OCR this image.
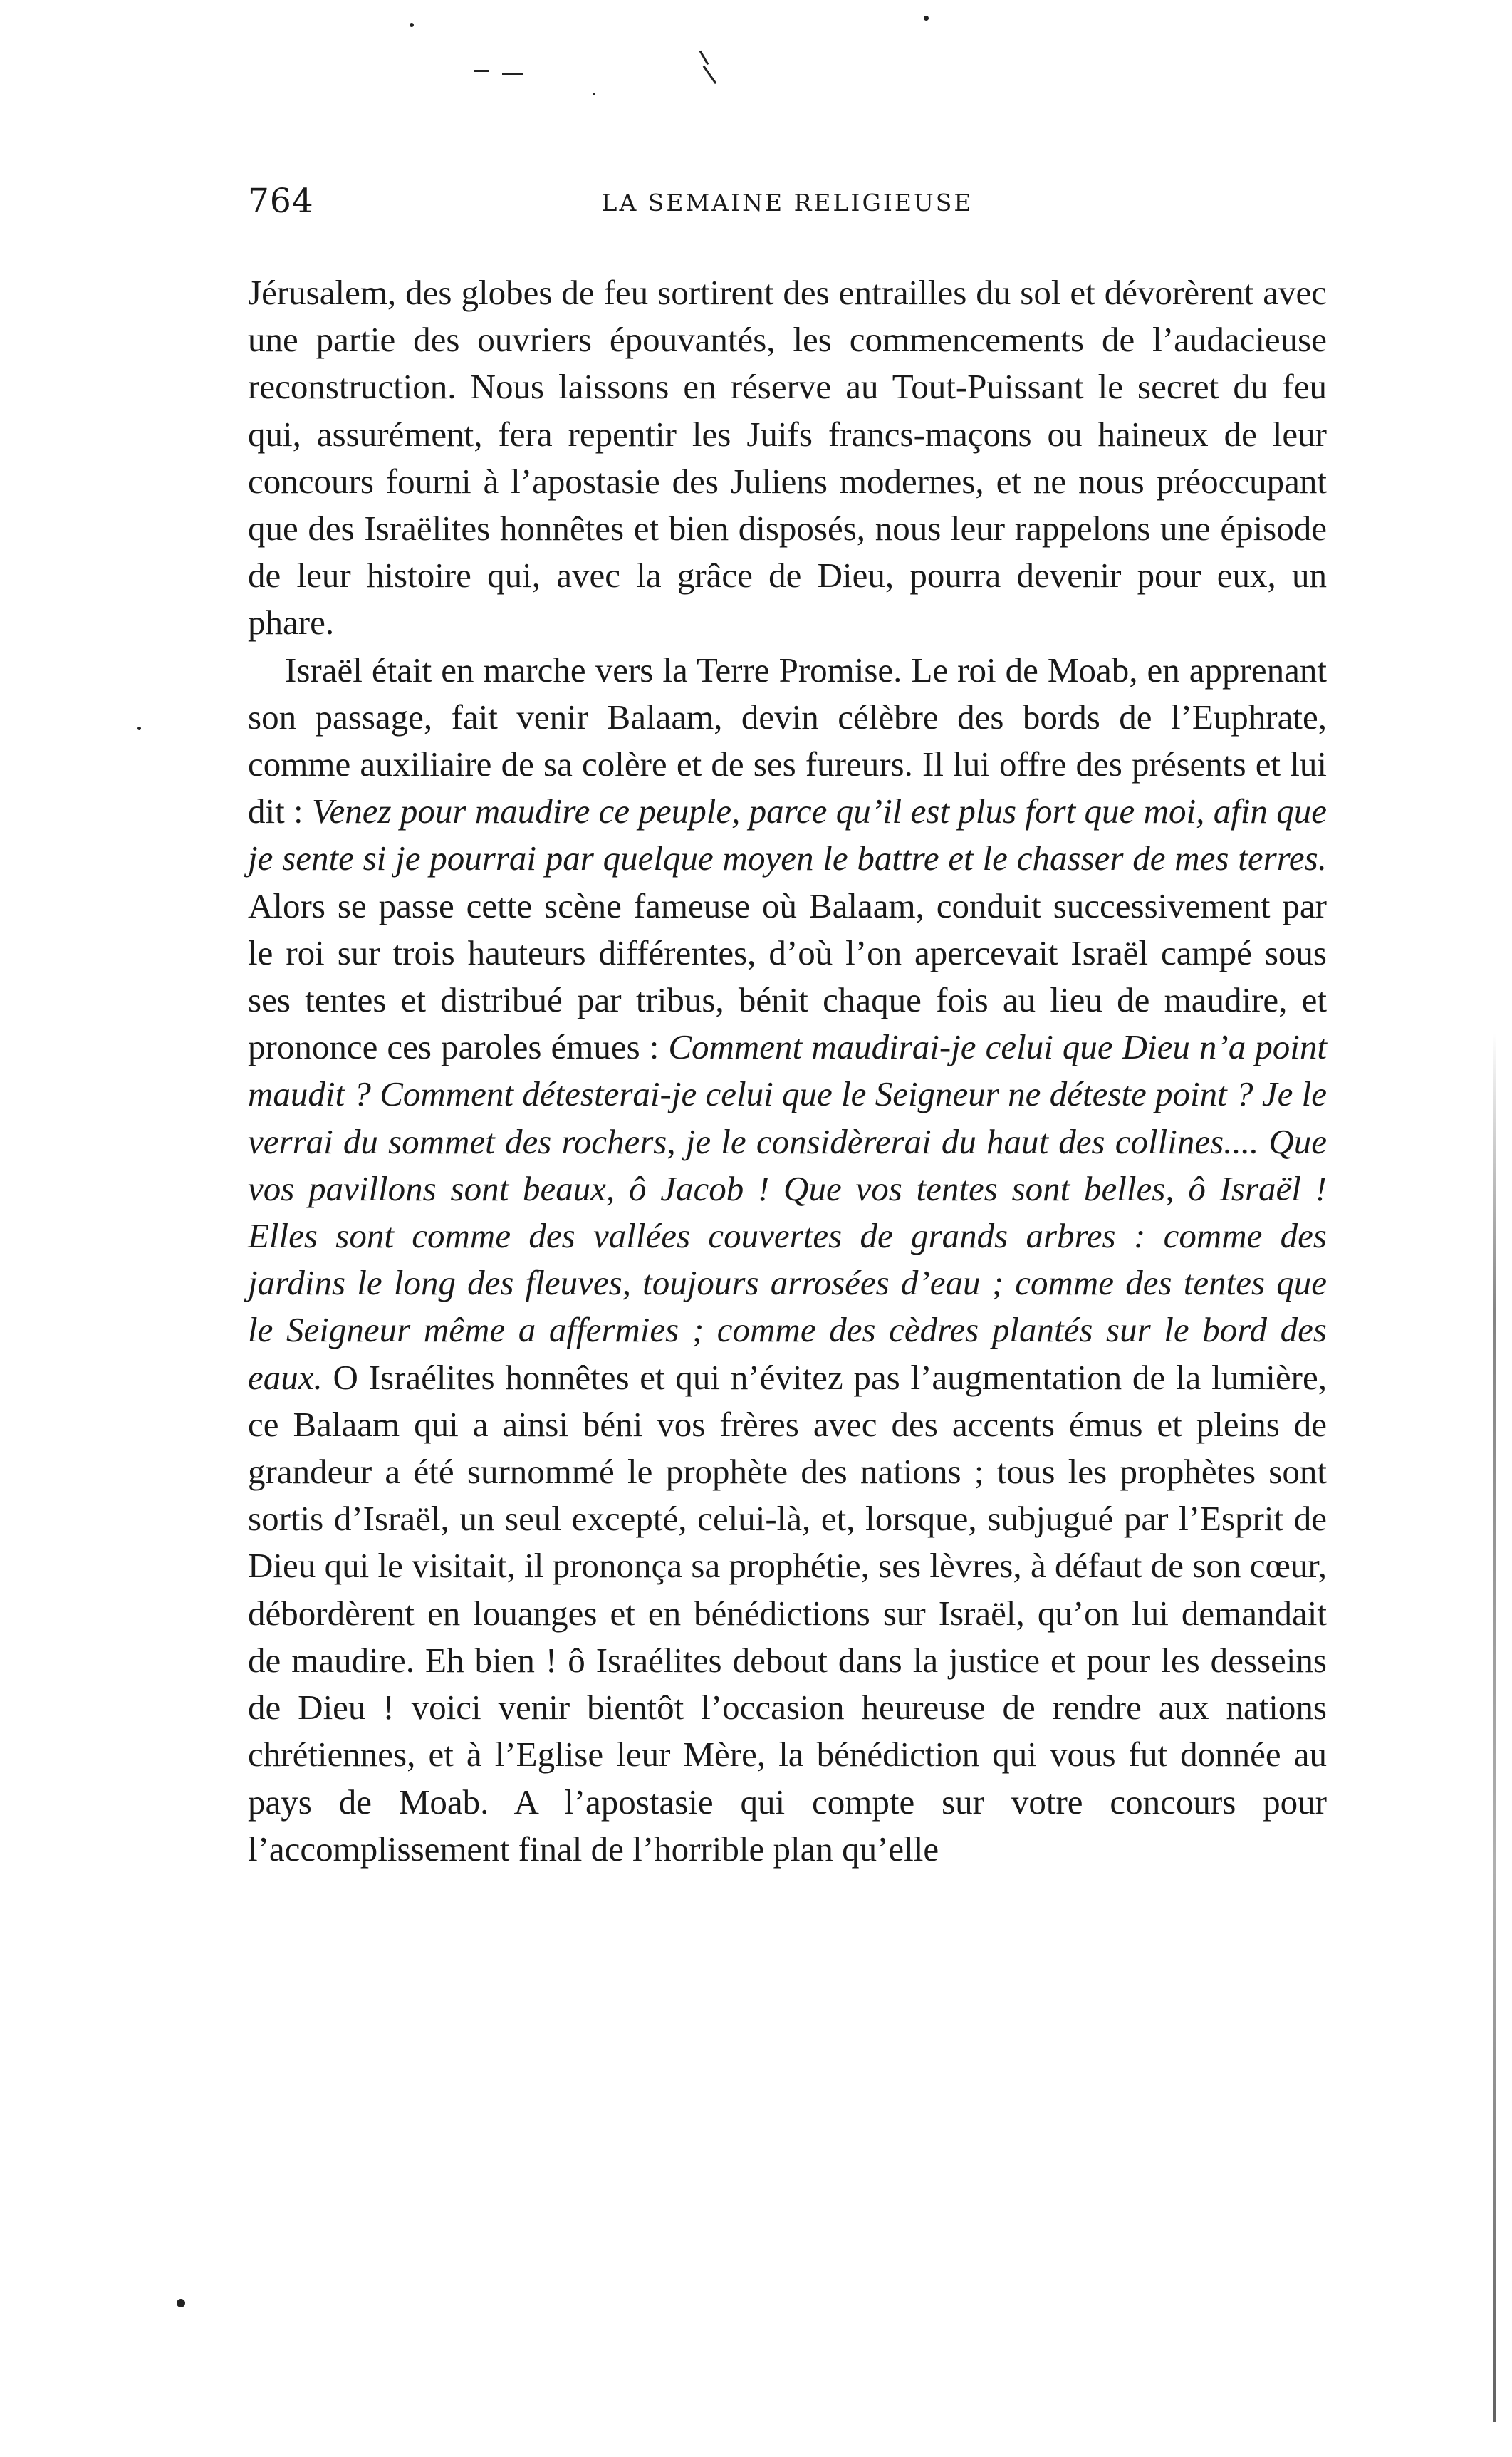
764	LA SEMAINE RELIGIEUSE

Jérusalem, des globes de feu sortirent des entrailles du sol et dévorèrent avec une partie des ouvriers épouvantés, les commencements de l’audacieuse reconstruction. Nous laissons en réserve au Tout-Puissant le secret du feu qui, assurément, fera repentir les Juifs francs-maçons ou haineux de leur concours fourni à l’apostasie des Juliens modernes, et ne nous préoccupant que des Israëlites honnêtes et bien disposés, nous leur rappelons une épisode de leur histoire qui, avec la grâce de Dieu, pourra devenir pour eux, un phare.

Israël était en marche vers la Terre Promise. Le roi de Moab, en apprenant son passage, fait venir Balaam, devin célèbre des bords de l’Euphrate, comme auxiliaire de sa colère et de ses fureurs. Il lui offre des présents et lui dit : Venez pour maudire ce peuple, parce qu’il est plus fort que moi, afin que je sente si je pourrai par quelque moyen le battre et le chasser de mes terres. Alors se passe cette scène fameuse où Balaam, conduit successivement par le roi sur trois hauteurs différentes, d’où l’on apercevait Israël campé sous ses tentes et distribué par tribus, bénit chaque fois au lieu de maudire, et prononce ces paroles émues : Comment maudirai-je celui que Dieu n’a point maudit ? Comment détesterai-je celui que le Seigneur ne déteste point ? Je le verrai du sommet des rochers, je le considèrerai du haut des collines.... Que vos pavillons sont beaux, ô Jacob ! Que vos tentes sont belles, ô Israël ! Elles sont comme des vallées couvertes de grands arbres : comme des jardins le long des fleuves, toujours arrosées d’eau ; comme des tentes que le Seigneur même a affermies ; comme des cèdres plantés sur le bord des eaux. O Israélites honnêtes et qui n’évitez pas l’augmentation de la lumière, ce Balaam qui a ainsi béni vos frères avec des accents émus et pleins de grandeur a été surnommé le prophète des nations ; tous les prophètes sont sortis d’Israël, un seul excepté, celui-là, et, lorsque, subjugué par l’Esprit de Dieu qui le visitait, il prononça sa prophétie, ses lèvres, à défaut de son cœur, débordèrent en louanges et en bénédictions sur Israël, qu’on lui demandait de maudire. Eh bien ! ô Israélites debout dans la justice et pour les desseins de Dieu ! voici venir bientôt l’occasion heureuse de rendre aux nations chrétiennes, et à l’Eglise leur Mère, la bénédiction qui vous fut donnée au pays de Moab. A l’apostasie qui compte sur votre concours pour l’accomplissement final de l’horrible plan qu’elle
